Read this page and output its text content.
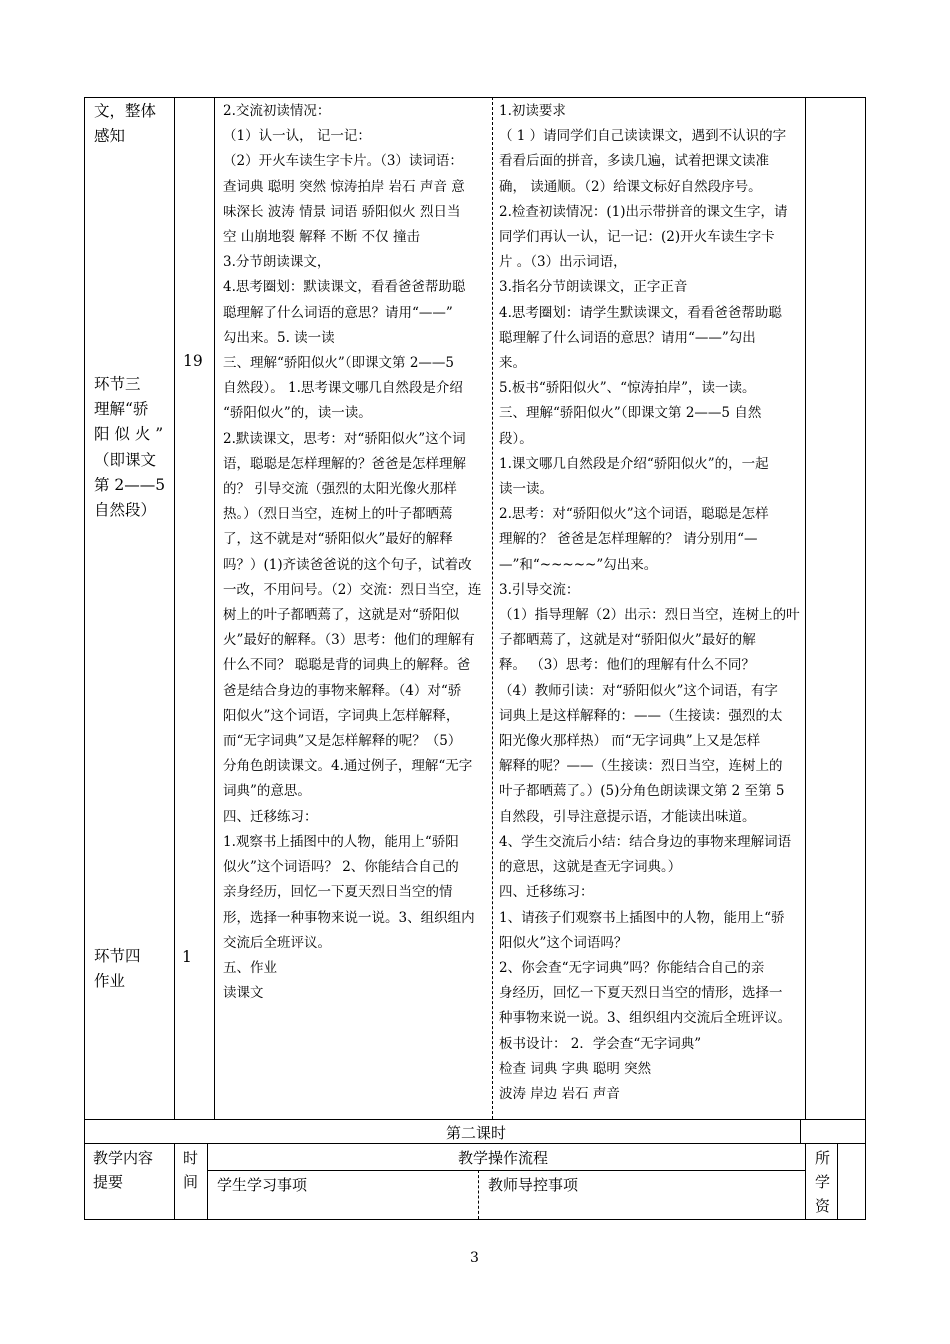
文，整体

感知

环节三

理解“骄

阳 似 火 ”

（即课文

第 2——5

自然段）

环节四

作业

19
1

2.交流初读情况：

（1）认一认， 记一记：

（2）开火车读生字卡片。（3）读词语：

查词典 聪明 突然 惊涛拍岸 岩石 声音 意

味深长 波涛 情景 词语 骄阳似火 烈日当

空 山崩地裂 解释 不断 不仅 撞击

3.分节朗读课文，

4.思考圈划：默读课文，看看爸爸帮助聪

聪理解了什么词语的意思？请用“——”

勾出来。5. 读一读

三、理解“骄阳似火”（即课文第 2——5

自然段）。 1.思考课文哪几自然段是介绍

“骄阳似火”的，读一读。

2.默读课文，思考：对“骄阳似火”这个词

语，聪聪是怎样理解的？爸爸是怎样理解

的？ 引导交流（强烈的太阳光像火那样

热。）（烈日当空，连树上的叶子都晒蔫

了，这不就是对“骄阳似火”最好的解释

吗？）(1)齐读爸爸说的这个句子，试着改

一改，不用问号。（2）交流：烈日当空，连

树上的叶子都晒蔫了，这就是对“骄阳似

火”最好的解释。（3）思考：他们的理解有

什么不同？ 聪聪是背的词典上的解释。爸

爸是结合身边的事物来解释。（4）对“骄

阳似火”这个词语，字词典上怎样解释，

而“无字词典”又是怎样解释的呢？（5）

分角色朗读课文。4.通过例子，理解“无字

词典”的意思。

四、迁移练习：

1.观察书上插图中的人物，能用上“骄阳

似火”这个词语吗？ 2、你能结合自己的

亲身经历，回忆一下夏天烈日当空的情

形，选择一种事物来说一说。3、组织组内

交流后全班评议。

五、作业

读课文

1.初读要求

（ 1 ）请同学们自己读读课文，遇到不认识的字

看看后面的拼音，多读几遍，试着把课文读准

确， 读通顺。（2）给课文标好自然段序号。

2.检查初读情况：(1)出示带拼音的课文生字，请

同学们再认一认，记一记：(2)开火车读生字卡

片 。（3）出示词语，

3.指名分节朗读课文，正字正音

4.思考圈划：请学生默读课文，看看爸爸帮助聪

聪理解了什么词语的意思？请用“——”勾出

来。

5.板书“骄阳似火”、“惊涛拍岸”，读一读。

三、理解“骄阳似火”（即课文第 2——5 自然

段）。

1.课文哪几自然段是介绍“骄阳似火”的，一起

读一读。

2.思考：对“骄阳似火”这个词语，聪聪是怎样

理解的？ 爸爸是怎样理解的？ 请分别用“—

—”和“~~~~~”勾出来。

3.引导交流：

（1）指导理解（2）出示：烈日当空，连树上的叶

子都晒蔫了，这就是对“骄阳似火”最好的解

释。 （3）思考：他们的理解有什么不同？

（4）教师引读：对“骄阳似火”这个词语，有字

词典上是这样解释的：——（生接读：强烈的太

阳光像火那样热） 而“无字词典”上又是怎样

解释的呢？——（生接读：烈日当空，连树上的

叶子都晒蔫了。）(5)分角色朗读课文第 2 至第 5

自然段，引导注意提示语，才能读出味道。

4、学生交流后小结：结合身边的事物来理解词语

的意思，这就是查无字词典。）

四、迁移练习：

1、请孩子们观察书上插图中的人物，能用上“骄

阳似火”这个词语吗？

2、你会查“无字词典”吗？你能结合自己的亲

身经历，回忆一下夏天烈日当空的情形，选择一

种事物来说一说。3、组织组内交流后全班评议。

板书设计： 2．学会查“无字词典”

检查 词典 字典 聪明 突然

波涛 岸边 岩石 声音

第二课时

教学内容

提要

时

间

教学操作流程
学生学习事项	教师导控事项

所

学

资

3
